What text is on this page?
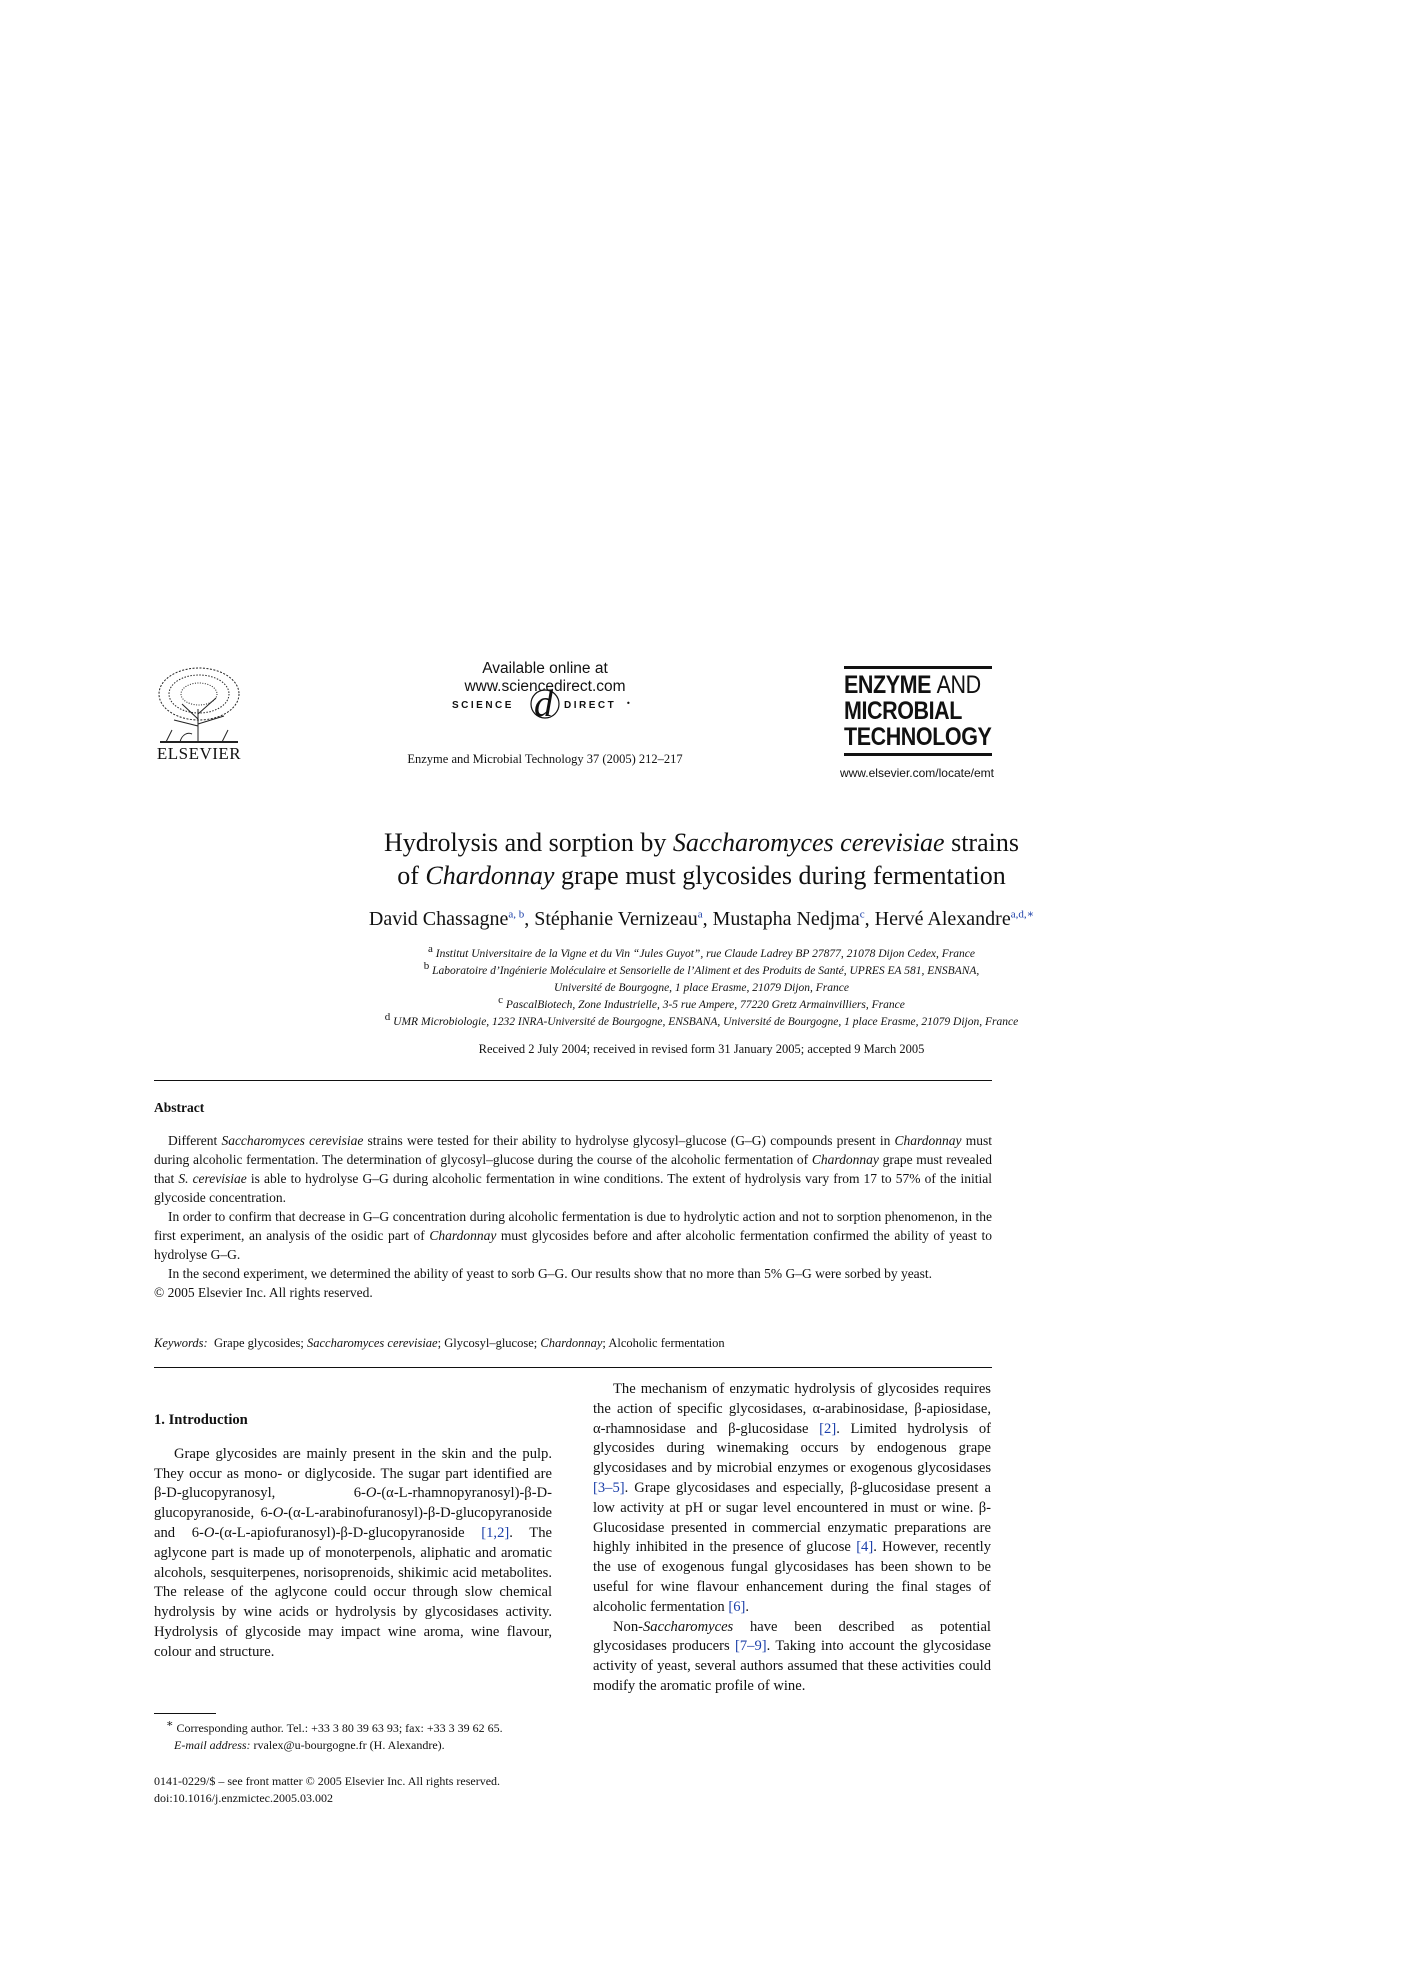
ELSEVIER
Available online at www.sciencedirect.com
SCIENCE d DIRECT •
Enzyme and Microbial Technology 37 (2005) 212–217
ENZYME AND
MICROBIAL
TECHNOLOGY
www.elsevier.com/locate/emt
Hydrolysis and sorption by Saccharomyces cerevisiae strains
of Chardonnay grape must glycosides during fermentation
David Chassagne$^{a, b}$, Stéphanie Vernizeau$^a$, Mustapha Nedjma$^c$, Hervé Alexandre$^{a,d,∗}$
a Institut Universitaire de la Vigne et du Vin “Jules Guyot”, rue Claude Ladrey BP 27877, 21078 Dijon Cedex, France
b Laboratoire d’Ingénierie Moléculaire et Sensorielle de l’Aliment et des Produits de Santé, UPRES EA 581, ENSBANA,
Université de Bourgogne, 1 place Erasme, 21079 Dijon, France
c PascalBiotech, Zone Industrielle, 3-5 rue Ampere, 77220 Gretz Armainvilliers, France
d UMR Microbiologie, 1232 INRA-Université de Bourgogne, ENSBANA, Université de Bourgogne, 1 place Erasme, 21079 Dijon, France
Received 2 July 2004; received in revised form 31 January 2005; accepted 9 March 2005
Abstract

Different Saccharomyces cerevisiae strains were tested for their ability to hydrolyse glycosyl–glucose (G–G) compounds present in Chardonnay must during alcoholic fermentation. The determination of glycosyl–glucose during the course of the alcoholic fermentation of Chardonnay grape must revealed that S. cerevisiae is able to hydrolyse G–G during alcoholic fermentation in wine conditions. The extent of hydrolysis vary from 17 to 57% of the initial glycoside concentration.

In order to confirm that decrease in G–G concentration during alcoholic fermentation is due to hydrolytic action and not to sorption phenomenon, in the first experiment, an analysis of the osidic part of Chardonnay must glycosides before and after alcoholic fermentation confirmed the ability of yeast to hydrolyse G–G.

In the second experiment, we determined the ability of yeast to sorb G–G. Our results show that no more than 5% G–G were sorbed by yeast.

© 2005 Elsevier Inc. All rights reserved.

Keywords: Grape glycosides; Saccharomyces cerevisiae; Glycosyl–glucose; Chardonnay; Alcoholic fermentation

1. Introduction

Grape glycosides are mainly present in the skin and the pulp. They occur as mono- or diglycoside. The sugar part identified are β-D-glucopyranosyl, 6-O-(α-L-rhamnopyranosyl)-β-D-glucopyranoside, 6-O-(α-L-arabinofuranosyl)-β-D-glucopyranoside and 6-O-(α-L-apiofuranosyl)-β-D-glucopyranoside [1,2]. The aglycone part is made up of monoterpenols, aliphatic and aromatic alcohols, sesquiterpenes, norisoprenoids, shikimic acid metabolites. The release of the aglycone could occur through slow chemical hydrolysis by wine acids or hydrolysis by glycosidases activity. Hydrolysis of glycoside may impact wine aroma, wine flavour, colour and structure.

The mechanism of enzymatic hydrolysis of glycosides requires the action of specific glycosidases, α-arabinosidase, β-apiosidase, α-rhamnosidase and β-glucosidase [2]. Limited hydrolysis of glycosides during winemaking occurs by endogenous grape glycosidases and by microbial enzymes or exogenous glycosidases [3–5]. Grape glycosidases and especially, β-glucosidase present a low activity at pH or sugar level encountered in must or wine. β-Glucosidase presented in commercial enzymatic preparations are highly inhibited in the presence of glucose [4]. However, recently the use of exogenous fungal glycosidases has been shown to be useful for wine flavour enhancement during the final stages of alcoholic fermentation [6].

Non-Saccharomyces have been described as potential glycosidases producers [7–9]. Taking into account the glycosidase activity of yeast, several authors assumed that these activities could modify the aromatic profile of wine.

∗ Corresponding author. Tel.: +33 3 80 39 63 93; fax: +33 3 39 62 65.
E-mail address: rvalex@u-bourgogne.fr (H. Alexandre).
0141-0229/$ – see front matter © 2005 Elsevier Inc. All rights reserved.
doi:10.1016/j.enzmictec.2005.03.002
